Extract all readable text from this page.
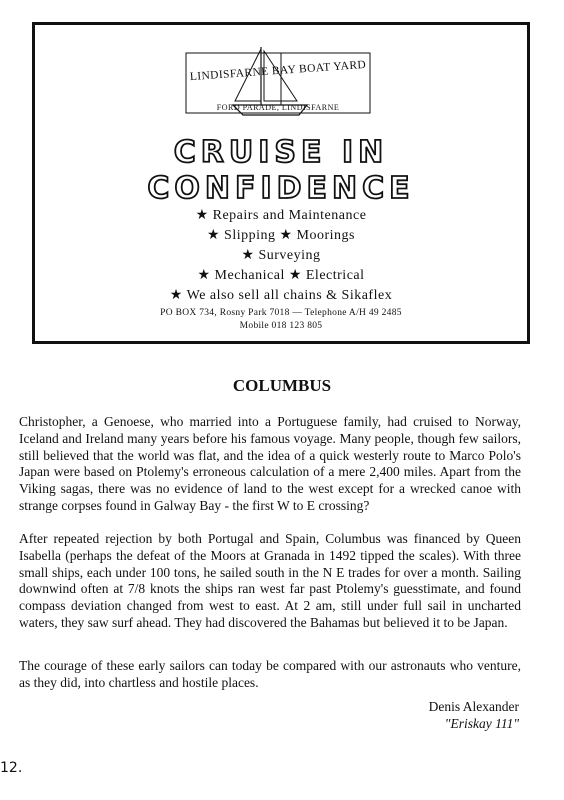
LINDISFARNE BAY BOAT YARD
FORD PARADE, LINDISFARNE
CRUISE IN
CONFIDENCE
★ Repairs and Maintenance
★ Slipping ★ Moorings
★ Surveying
★ Mechanical ★ Electrical
★ We also sell all chains & Sikaflex
PO BOX 734, Rosny Park 7018 — Telephone A/H 49 2485
Mobile 018 123 805
COLUMBUS

Christopher, a Genoese, who married into a Portuguese family, had cruised to Norway, Iceland and Ireland many years before his famous voyage. Many people, though few sailors, still believed that the world was flat, and the idea of a quick westerly route to Marco Polo's Japan were based on Ptolemy's erroneous calculation of a mere 2,400 miles. Apart from the Viking sagas, there was no evidence of land to the west except for a wrecked canoe with strange corpses found in Galway Bay - the first W to E crossing?

After repeated rejection by both Portugal and Spain, Columbus was financed by Queen Isabella (perhaps the defeat of the Moors at Granada in 1492 tipped the scales). With three small ships, each under 100 tons, he sailed south in the N E trades for over a month. Sailing downwind often at 7/8 knots the ships ran west far past Ptolemy's guesstimate, and found compass deviation changed from west to east. At 2 am, still under full sail in uncharted waters, they saw surf ahead. They had discovered the Bahamas but believed it to be Japan.

The courage of these early sailors can today be compared with our astronauts who venture, as they did, into chartless and hostile places.

Denis Alexander
"Eriskay 111"
12.
